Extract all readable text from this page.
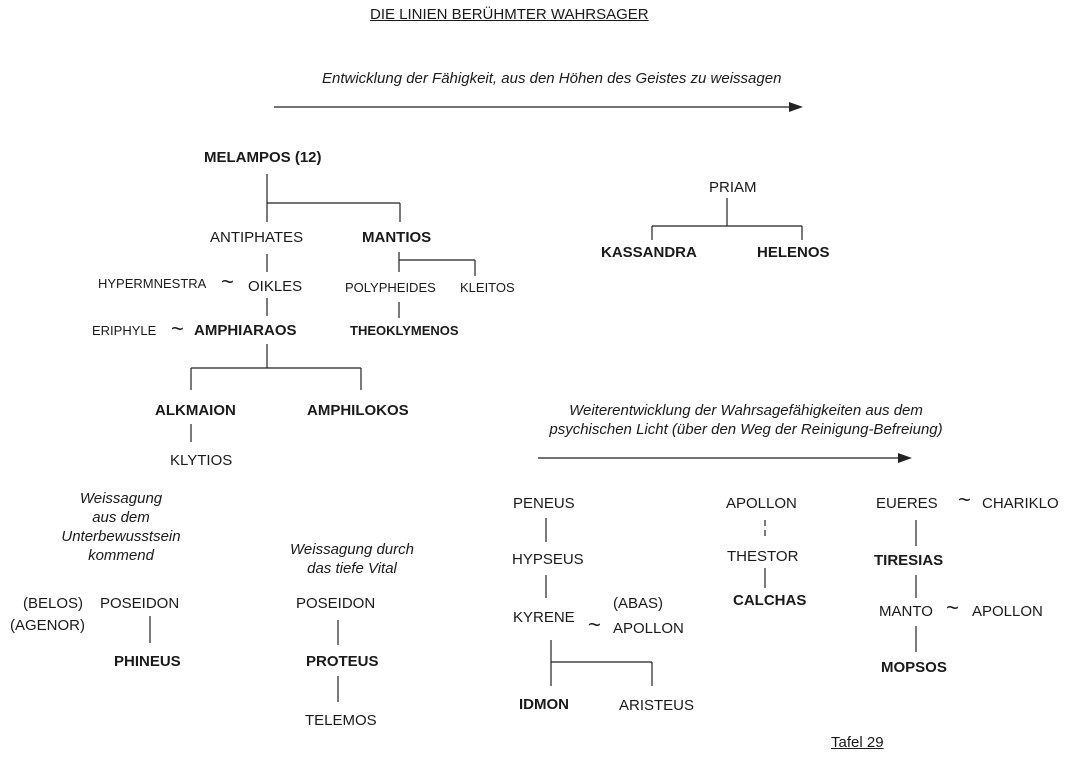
DIE LINIEN BERÜHMTER WAHRSAGER
Entwicklung der Fähigkeit, aus den Höhen des Geistes zu weissagen
MELAMPOS (12)
ANTIPHATES	MANTIOS
HYPERMNESTRA ~ OIKLES	POLYPHEIDES KLEITOS
ERIPHYLE ~ AMPHIARAOS	THEOKLYMENOS
ALKMAION	AMPHILOKOS
KLYTIOS
PRIAM
KASSANDRA	HELENOS
Weissagung
aus dem
Unterbewusstsein
kommend	Weissagung durch
das tiefe Vital
(BELOS)
(AGENOR)
POSEIDON
PHINEUS
POSEIDON
PROTEUS
TELEMOS
Weiterentwicklung der Wahrsagefähigkeiten aus dem
psychischen Licht (über den Weg der Reinigung-Befreiung)
PENEUS
HYPSEUS
KYRENE
(ABAS)
~ APOLLON
IDMON	ARISTEUS
APOLLON
THESTOR
CALCHAS
EUERES ~ CHARIKLO
TIRESIAS
MANTO ~ APOLLON
MOPSOS
Tafel 29
